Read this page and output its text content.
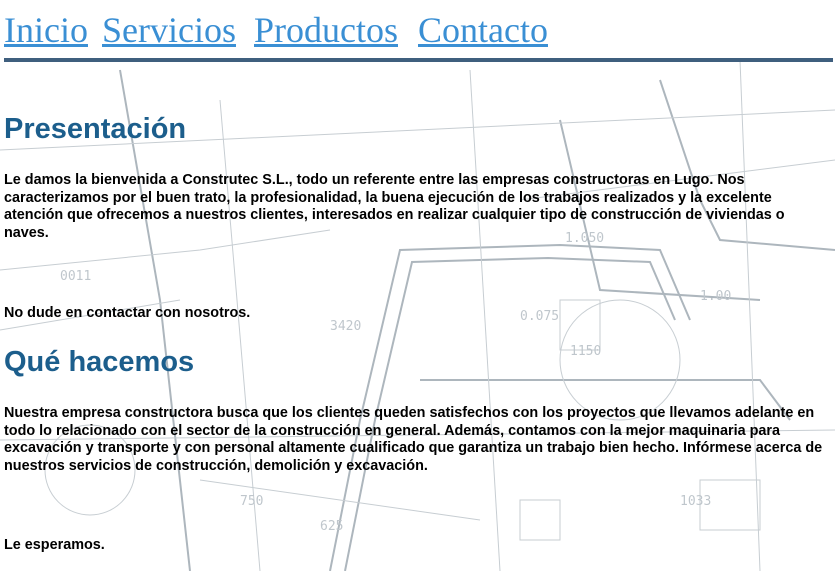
0011
1.050
1.00
0.075
3420
750
625
1033
1150
Inicio Servicios Productos Contacto
Presentación

Le damos la bienvenida a Construtec S.L., todo un referente entre las empresas constructoras en Lugo. Nos caracterizamos por el buen trato, la profesionalidad, la buena ejecución de los trabajos realizados y la excelente atención que ofrecemos a nuestros clientes, interesados en realizar cualquier tipo de construcción de viviendas o naves.

No dude en contactar con nosotros.

Qué hacemos

Nuestra empresa constructora busca que los clientes queden satisfechos con los proyectos que llevamos adelante en todo lo relacionado con el sector de la construcción en general. Además, contamos con la mejor maquinaria para excavación y transporte y con personal altamente cualificado que garantiza un trabajo bien hecho. Infórmese acerca de nuestros servicios de construcción, demolición y excavación.

Le esperamos.
